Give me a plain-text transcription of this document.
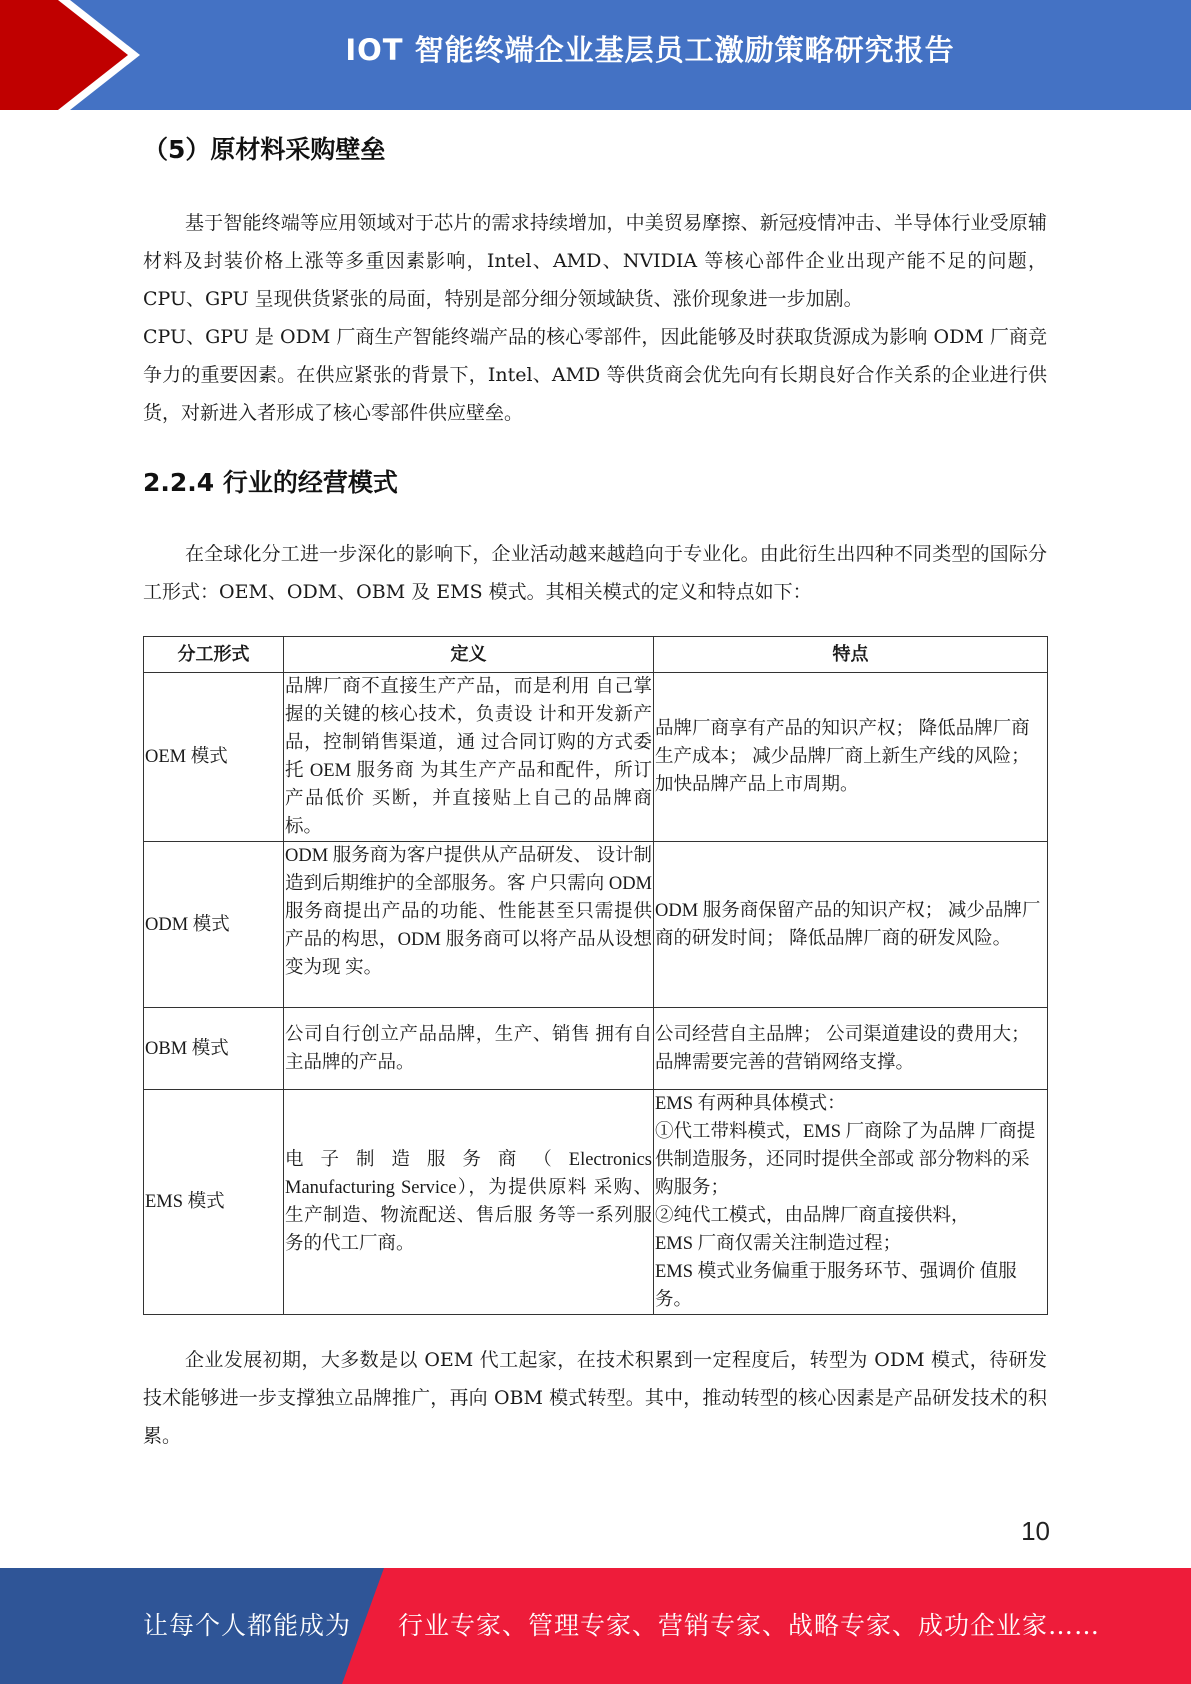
IOT 智能终端企业基层员工激励策略研究报告
（5）原材料采购壁垒

基于智能终端等应用领域对于芯片的需求持续增加，中美贸易摩擦、新冠疫情冲击、半导体行业受原辅材料及封装价格上涨等多重因素影响，Intel、AMD、NVIDIA 等核心部件企业出现产能不足的问题，CPU、GPU 呈现供货紧张的局面，特别是部分细分领域缺货、涨价现象进一步加剧。

CPU、GPU 是 ODM 厂商生产智能终端产品的核心零部件，因此能够及时获取货源成为影响 ODM 厂商竞争力的重要因素。在供应紧张的背景下，Intel、AMD 等供货商会优先向有长期良好合作关系的企业进行供货，对新进入者形成了核心零部件供应壁垒。

2.2.4 行业的经营模式

在全球化分工进一步深化的影响下，企业活动越来越趋向于专业化。由此衍生出四种不同类型的国际分工形式：OEM、ODM、OBM 及 EMS 模式。其相关模式的定义和特点如下：

分工形式	定义	特点
OEM 模式	品牌厂商不直接生产产品，而是利用 自己掌握的关键的核心技术，负责设 计和开发新产品，控制销售渠道，通 过合同订购的方式委托 OEM 服务商 为其生产产品和配件，所订产品低价 买断，并直接贴上自己的品牌商标。	品牌厂商享有产品的知识产权； 降低品牌厂商生产成本； 减少品牌厂商上新生产线的风险； 加快品牌产品上市周期。

ODM 模式	ODM 服务商为客户提供从产品研发、 设计制造到后期维护的全部服务。客 户只需向 ODM 服务商提出产品的功能、性能甚至只需提供产品的构思，ODM 服务商可以将产品从设想变为现 实。	ODM 服务商保留产品的知识产权； 减少品牌厂商的研发时间； 降低品牌厂商的研发风险。

OBM 模式	公司自行创立产品品牌，生产、销售 拥有自主品牌的产品。	公司经营自主品牌； 公司渠道建设的费用大； 品牌需要完善的营销网络支撑。

EMS 模式	电 子 制 造 服 务 商 （ Electronics Manufacturing Service），为提供原料 采购、生产制造、物流配送、售后服 务等一系列服务的代工厂商。	EMS 有两种具体模式：
①代工带料模式，EMS 厂商除了为品牌 厂商提供制造服务，还同时提供全部或 部分物料的采购服务；
②纯代工模式，由品牌厂商直接供料，
EMS 厂商仅需关注制造过程；
EMS 模式业务偏重于服务环节、强调价 值服务。

企业发展初期，大多数是以 OEM 代工起家，在技术积累到一定程度后，转型为 ODM 模式，待研发技术能够进一步支撑独立品牌推广，再向 OBM 模式转型。其中，推动转型的核心因素是产品研发技术的积累。

10
让每个人都能成为 行业专家、管理专家、营销专家、战略专家、成功企业家……
